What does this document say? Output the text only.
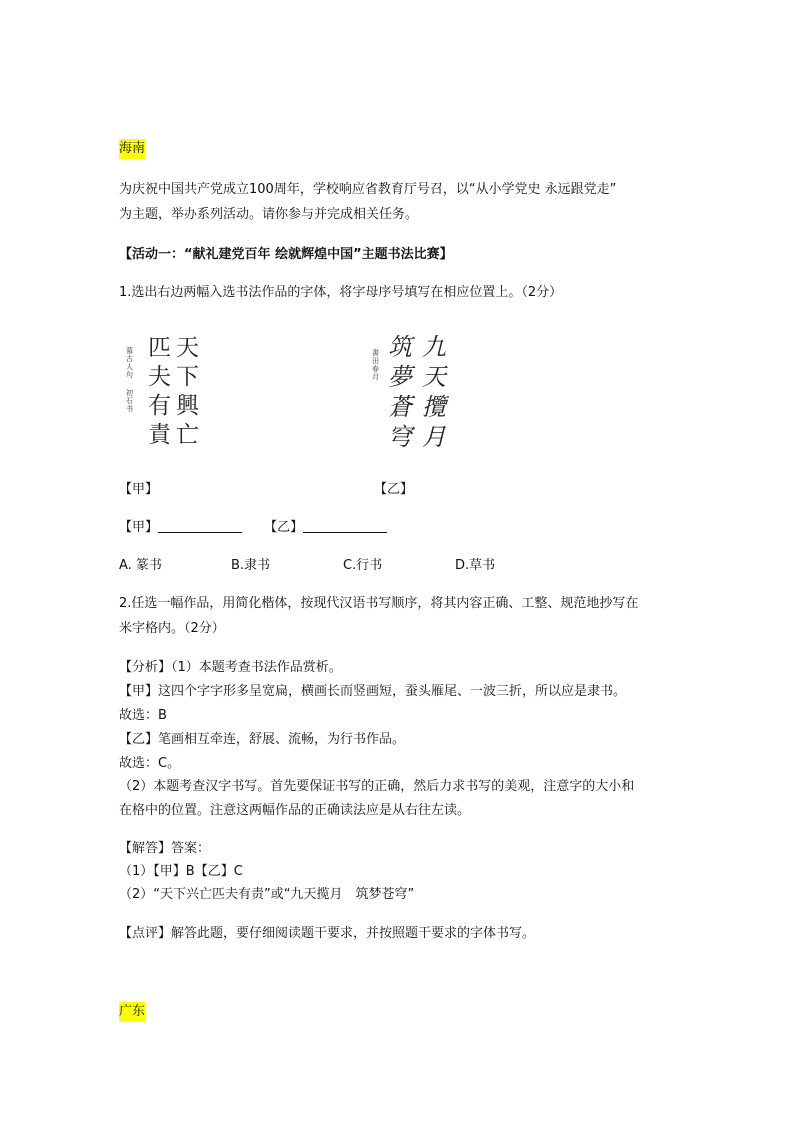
海南
为庆祝中国共产党成立100周年，学校响应省教育厅号召，以“从小学党史 永远跟党走”
为主题，举办系列活动。请你参与并完成相关任务。
【活动一：“献礼建党百年 绘就辉煌中国”主题书法比赛】
1.选出右边两幅入选书法作品的字体，将字母序号填写在相应位置上。（2分）
天
下
興
亡
匹
夫
有
責
慕
古
人
句
初
石
书
九
天
攬
月
筑
夢
蒼
穹
書
田
春
月
【甲】	【乙】
【甲】	【乙】
A. 篆书	B.隶书	C.行书	D.草书
2.任选一幅作品，用简化楷体，按现代汉语书写顺序，将其内容正确、工整、规范地抄写在
米字格内。（2分）
【分析】（1）本题考查书法作品赏析。
【甲】这四个字字形多呈宽扁，横画长而竖画短，蚕头雁尾、一波三折，所以应是隶书。
故选：B
【乙】笔画相互牵连，舒展、流畅，为行书作品。
故选：C。
（2）本题考查汉字书写。首先要保证书写的正确，然后力求书写的美观，注意字的大小和
在格中的位置。注意这两幅作品的正确读法应是从右往左读。
【解答】答案：
（1）【甲】B【乙】C
（2）“天下兴亡匹夫有责”或“九天揽月　筑梦苍穹”
【点评】解答此题，要仔细阅读题干要求，并按照题干要求的字体书写。
广东
